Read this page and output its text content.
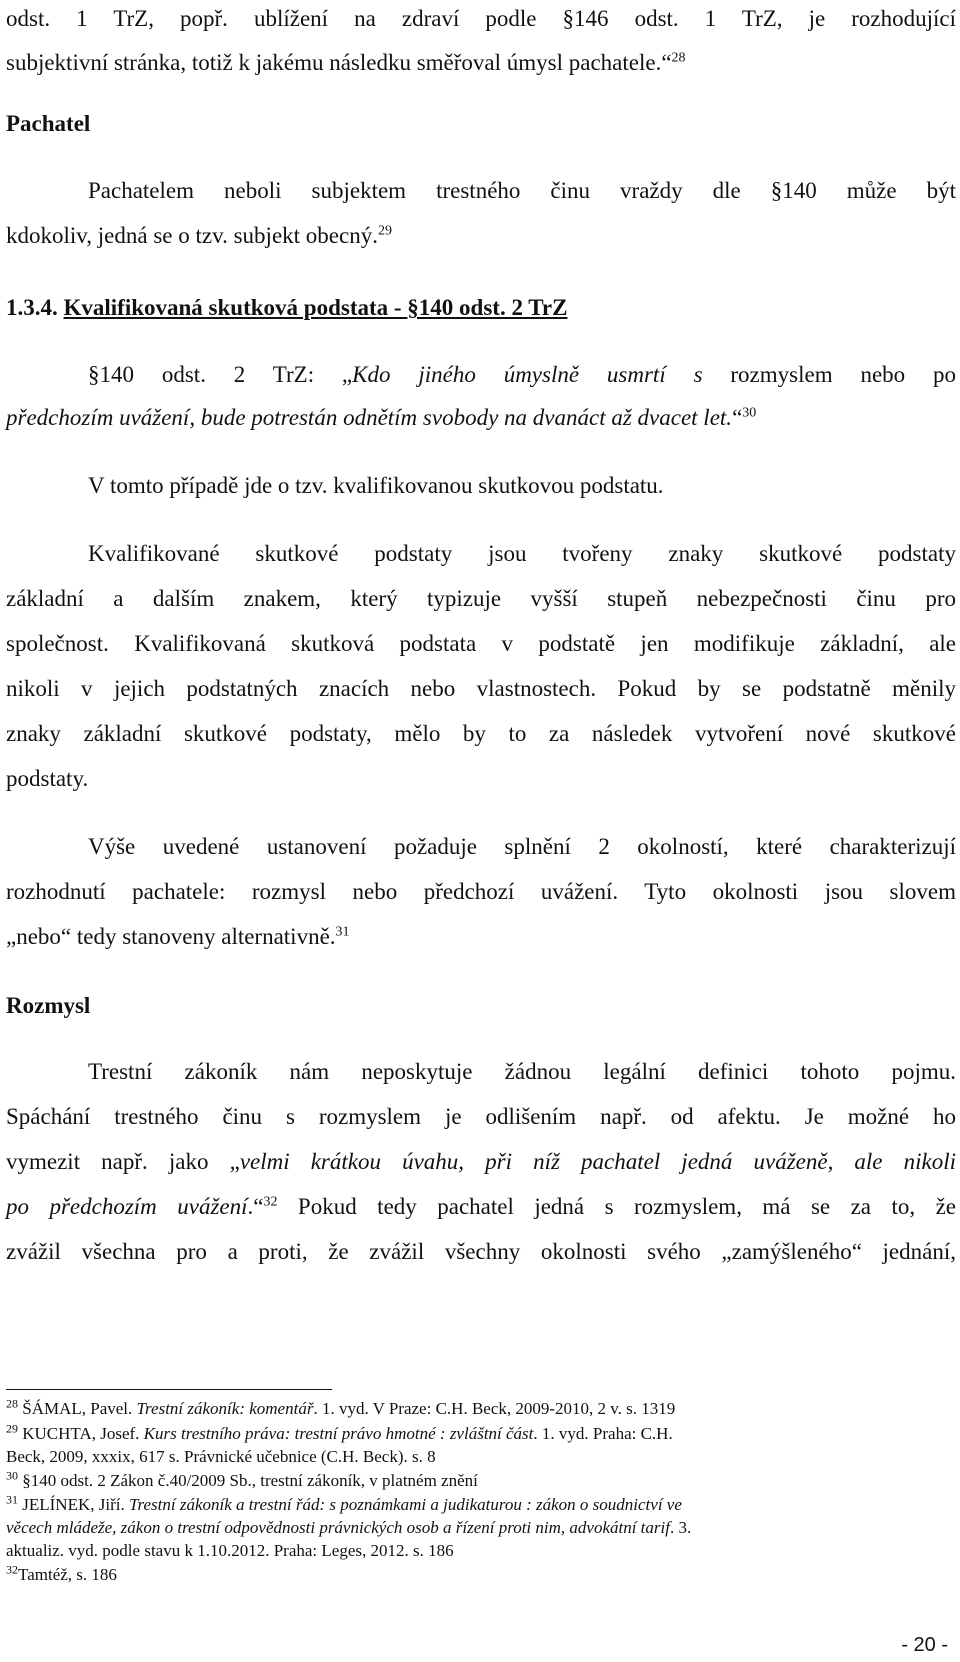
odst. 1 TrZ, popř. ublížení na zdraví podle §146 odst. 1 TrZ, je rozhodující
subjektivní stránka, totiž k jakému následku směřoval úmysl pachatele.“$^{28}$
Pachatel
Pachatelem neboli subjektem trestného činu vraždy dle §140 může být
kdokoliv, jedná se o tzv. subjekt obecný.$^{29}$
1.3.4. Kvalifikovaná skutková podstata - §140 odst. 2 TrZ
§140 odst. 2 TrZ: „Kdo jiného úmyslně usmrtí s rozmyslem nebo po
předchozím uvážení, bude potrestán odnětím svobody na dvanáct až dvacet let.“$^{30}$
V tomto případě jde o tzv. kvalifikovanou skutkovou podstatu.
Kvalifikované skutkové podstaty jsou tvořeny znaky skutkové podstaty
základní a dalším znakem, který typizuje vyšší stupeň nebezpečnosti činu pro
společnost. Kvalifikovaná skutková podstata v podstatě jen modifikuje základní, ale
nikoli v jejich podstatných znacích nebo vlastnostech. Pokud by se podstatně měnily
znaky základní skutkové podstaty, mělo by to za následek vytvoření nové skutkové
podstaty.
Výše uvedené ustanovení požaduje splnění 2 okolností, které charakterizují
rozhodnutí pachatele: rozmysl nebo předchozí uvážení. Tyto okolnosti jsou slovem
„nebo“ tedy stanoveny alternativně.$^{31}$
Rozmysl
Trestní zákoník nám neposkytuje žádnou legální definici tohoto pojmu.
Spáchání trestného činu s rozmyslem je odlišením např. od afektu. Je možné ho
vymezit např. jako „velmi krátkou úvahu, při níž pachatel jedná uváženě, ale nikoli
po předchozím uvážení.“$^{32}$ Pokud tedy pachatel jedná s rozmyslem, má se za to, že
zvážil všechna pro a proti, že zvážil všechny okolnosti svého „zamýšleného“ jednání,
$^{28}$ ŠÁMAL, Pavel. Trestní zákoník: komentář. 1. vyd. V Praze: C.H. Beck, 2009-2010, 2 v. s. 1319
$^{29}$ KUCHTA, Josef. Kurs trestního práva: trestní právo hmotné : zvláštní část. 1. vyd. Praha: C.H.
Beck, 2009, xxxix, 617 s. Právnické učebnice (C.H. Beck). s. 8
$^{30}$ §140 odst. 2 Zákon č.40/2009 Sb., trestní zákoník, v platném znění
$^{31}$ JELÍNEK, Jiří. Trestní zákoník a trestní řád: s poznámkami a judikaturou : zákon o soudnictví ve
věcech mládeže, zákon o trestní odpovědnosti právnických osob a řízení proti nim, advokátní tarif. 3.
aktualiz. vyd. podle stavu k 1.10.2012. Praha: Leges, 2012. s. 186
$^{32}$Tamtéž, s. 186
- 20 -
